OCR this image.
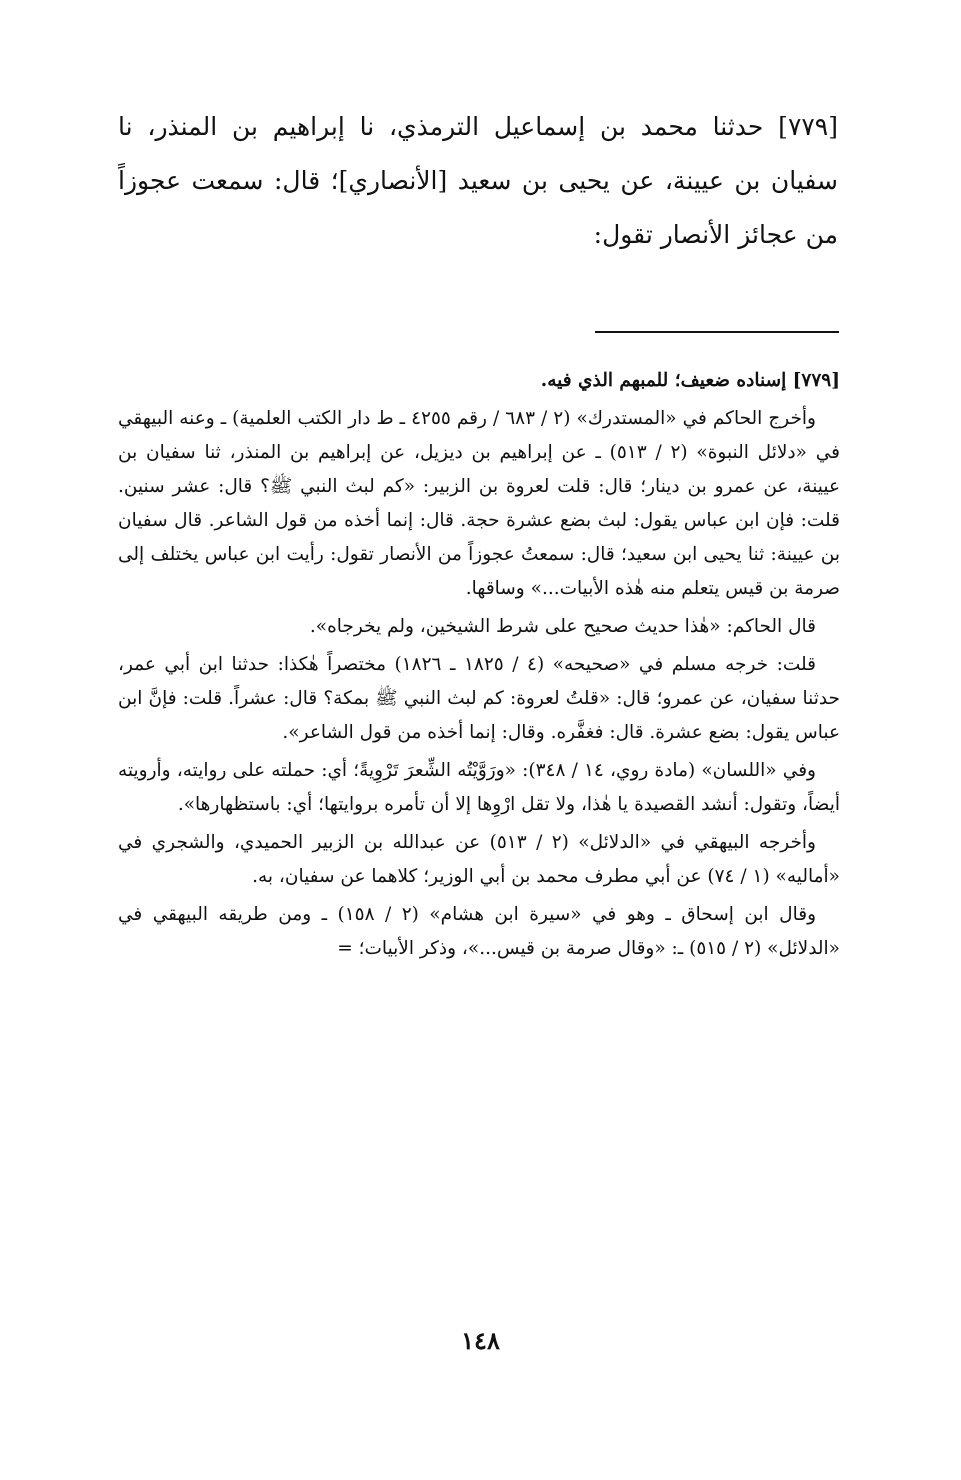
[٧٧٩] حدثنا محمد بن إسماعيل الترمذي، نا إبراهيم بن المنذر، نا سفيان بن عيينة، عن يحيى بن سعيد [الأنصاري]؛ قال: سمعت عجوزاً من عجائز الأنصار تقول:

[٧٧٩] إسناده ضعيف؛ للمبهم الذي فيه.

وأخرج الحاكم في «المستدرك» (٢ / ٦٨٣ / رقم ٤٢٥٥ ـ ط دار الكتب العلمية) ـ وعنه البيهقي في «دلائل النبوة» (٢ / ٥١٣) ـ عن إبراهيم بن ديزيل، عن إبراهيم بن المنذر، ثنا سفيان بن عيينة، عن عمرو بن دينار؛ قال: قلت لعروة بن الزبير: «كم لبث النبي ﷺ؟ قال: عشر سنين. قلت: فإن ابن عباس يقول: لبث بضع عشرة حجة. قال: إنما أخذه من قول الشاعر. قال سفيان بن عيينة: ثنا يحيى ابن سعيد؛ قال: سمعتُ عجوزاً من الأنصار تقول: رأيت ابن عباس يختلف إلى صرمة بن قيس يتعلم منه هٰذه الأبيات...» وساقها.

قال الحاكم: «هٰذا حديث صحيح على شرط الشيخين، ولم يخرجاه».

قلت: خرجه مسلم في «صحيحه» (٤ / ١٨٢٥ ـ ١٨٢٦) مختصراً هٰكذا: حدثنا ابن أبي عمر، حدثنا سفيان، عن عمرو؛ قال: «قلتُ لعروة: كم لبث النبي ﷺ بمكة؟ قال: عشراً. قلت: فإنَّ ابن عباس يقول: بضع عشرة. قال: فغفَّره. وقال: إنما أخذه من قول الشاعر».

وفي «اللسان» (مادة روي، ١٤ / ٣٤٨): «ورَوَّيْتُه الشِّعرَ تَرْوِيةً؛ أي: حملته على روايته، وأرويته أيضاً، وتقول: أنشد القصيدة يا هٰذا، ولا تقل ارْوِها إلا أن تأمره بروايتها؛ أي: باستظهارها».

وأخرجه البيهقي في «الدلائل» (٢ / ٥١٣) عن عبدالله بن الزبير الحميدي، والشجري في «أماليه» (١ / ٧٤) عن أبي مطرف محمد بن أبي الوزير؛ كلاهما عن سفيان، به.

وقال ابن إسحاق ـ وهو في «سيرة ابن هشام» (٢ / ١٥٨) ـ ومن طريقه البيهقي في «الدلائل» (٢ / ٥١٥) ـ: «وقال صرمة بن قيس...»، وذكر الأبيات؛ =

١٤٨
